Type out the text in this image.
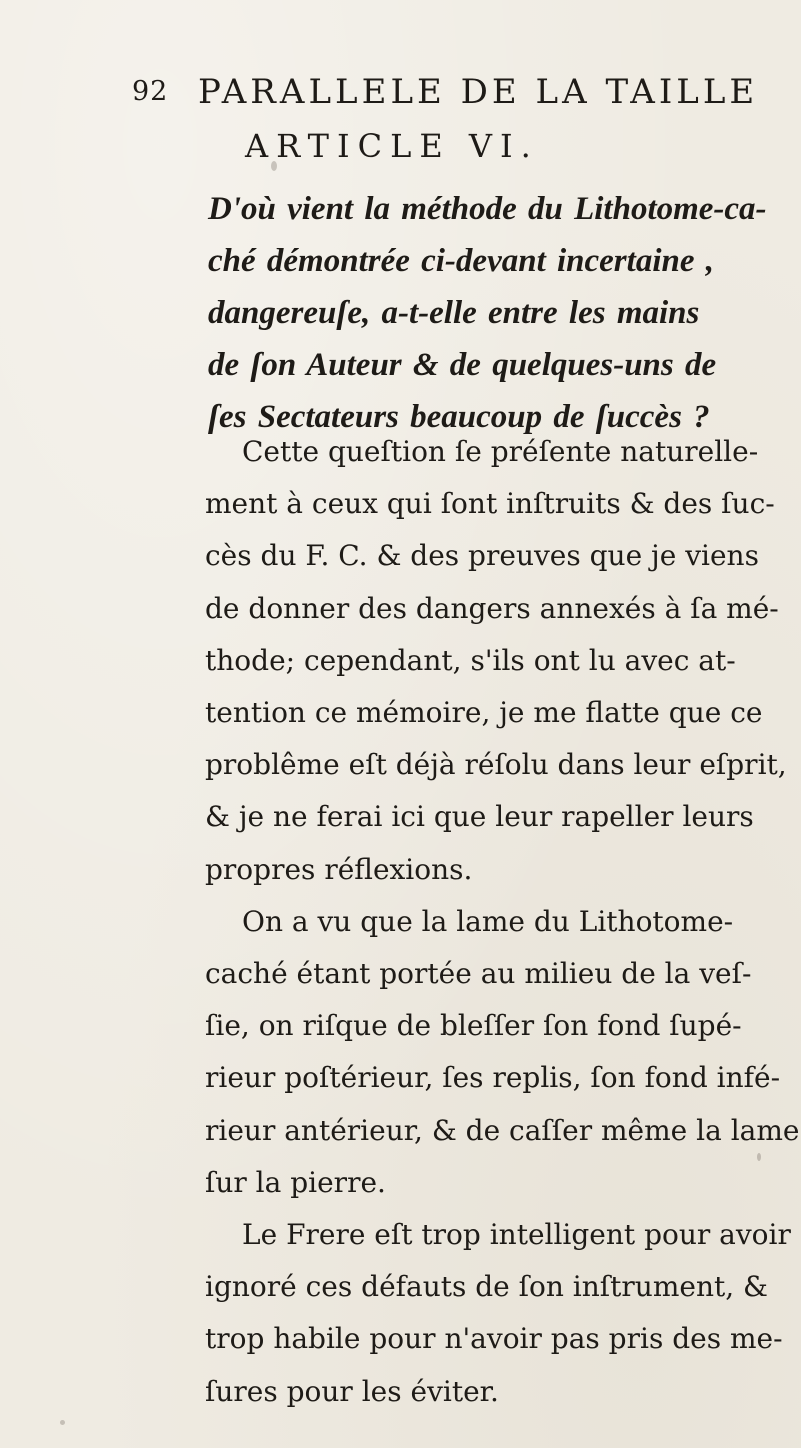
92 PARALLELE DE LA TAILLE
ARTICLE VI.
D'où vient la méthode du Lithotome-ca-
ché démontrée ci-devant incertaine ,
dangereuſe, a-t-elle entre les mains
de ſon Auteur & de quelques-uns de
ſes Sectateurs beaucoup de ſuccès ?
Cette queſtion ſe préſente naturelle-
ment à ceux qui ſont inſtruits & des ſuc-
cès du F. C. & des preuves que je viens
de donner des dangers annexés à ſa mé-
thode; cependant, s'ils ont lu avec at-
tention ce mémoire, je me flatte que ce
problême eſt déjà réſolu dans leur eſprit,
& je ne ferai ici que leur rapeller leurs
propres réflexions.
On a vu que la lame du Lithotome-
caché étant portée au milieu de la veſ-
ſie, on riſque de bleſſer ſon fond ſupé-
rieur poſtérieur, ſes replis, ſon fond infé-
rieur antérieur, & de caſſer même la lame
ſur la pierre.
Le Frere eſt trop intelligent pour avoir
ignoré ces défauts de ſon inſtrument, &
trop habile pour n'avoir pas pris des me-
ſures pour les éviter.
